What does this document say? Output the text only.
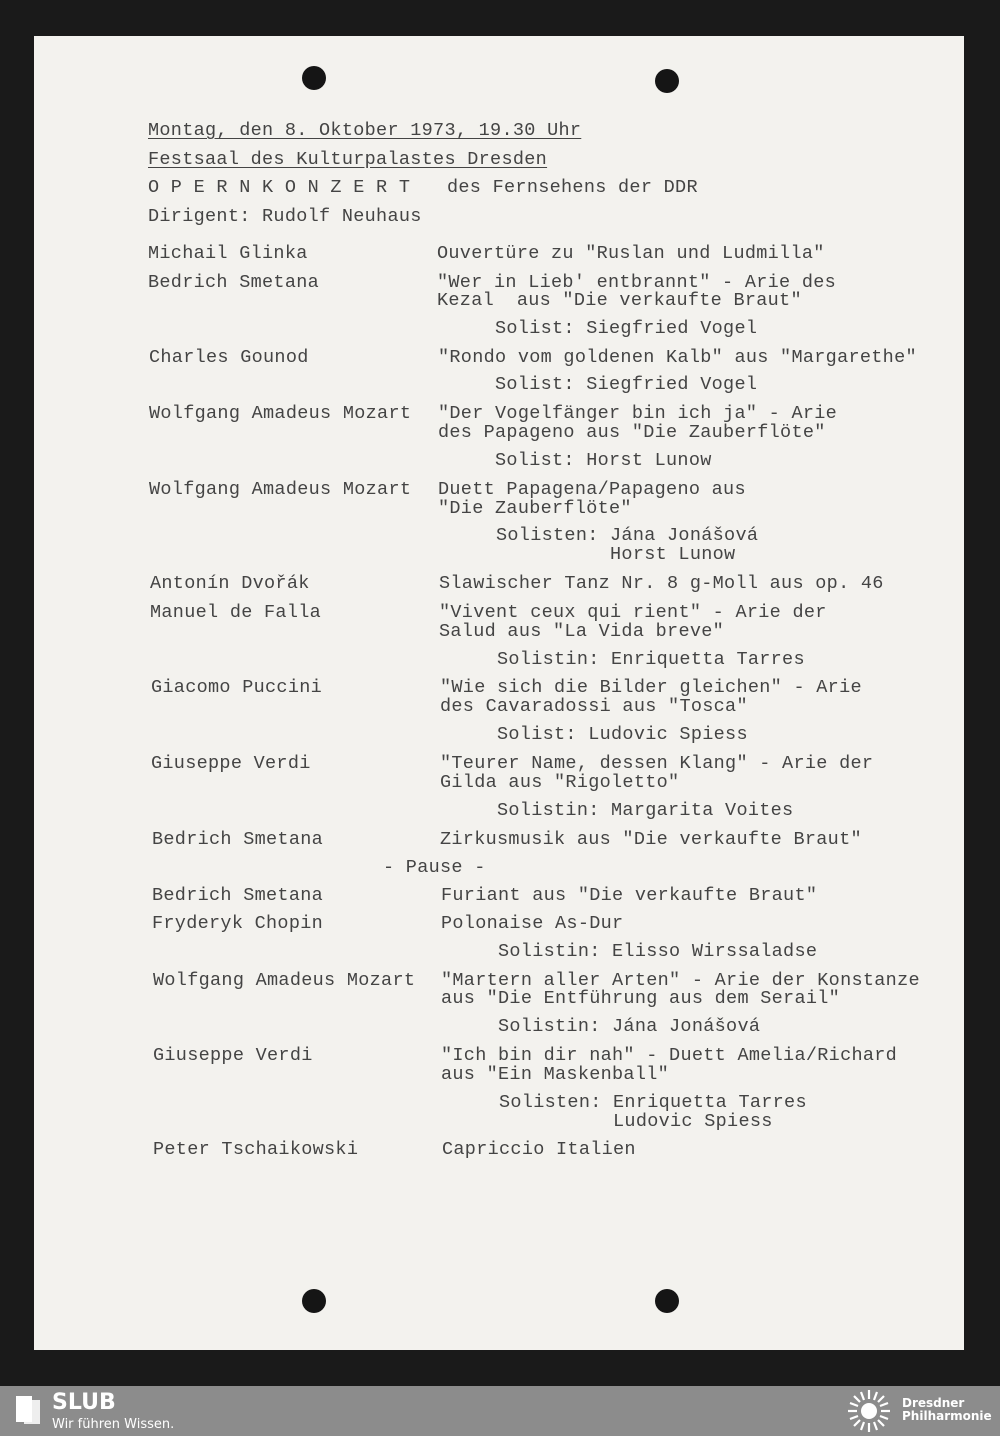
Montag, den 8. Oktober 1973, 19.30 Uhr
Festsaal des Kulturpalastes Dresden
O P E R N K O N Z E R T des Fernsehens der DDR
Dirigent: Rudolf Neuhaus
Michail Glinka	Ouvertüre zu "Ruslan und Ludmilla"
Bedrich Smetana	"Wer in Lieb' entbrannt" - Arie des
Kezal  aus "Die verkaufte Braut"
Solist: Siegfried Vogel
Charles Gounod	"Rondo vom goldenen Kalb" aus "Margarethe"
Solist: Siegfried Vogel
Wolfgang Amadeus Mozart "Der Vogelfänger bin ich ja" - Arie
des Papageno aus "Die Zauberflöte"
Solist: Horst Lunow
Wolfgang Amadeus Mozart Duett Papagena/Papageno aus
"Die Zauberflöte"
Solisten: Jána Jonášová
Horst Lunow
Antonín Dvořák	Slawischer Tanz Nr. 8 g-Moll aus op. 46
Manuel de Falla	"Vivent ceux qui rient" - Arie der
Salud aus "La Vida breve"
Solistin: Enriquetta Tarres
Giacomo Puccini	"Wie sich die Bilder gleichen" - Arie
des Cavaradossi aus "Tosca"
Solist: Ludovic Spiess
Giuseppe Verdi	"Teurer Name, dessen Klang" - Arie der
Gilda aus "Rigoletto"
Solistin: Margarita Voites
Bedrich Smetana	Zirkusmusik aus "Die verkaufte Braut"
- Pause -
Bedrich Smetana	Furiant aus "Die verkaufte Braut"
Fryderyk Chopin	Polonaise As-Dur
Solistin: Elisso Wirssaladse
Wolfgang Amadeus Mozart "Martern aller Arten" - Arie der Konstanze
aus "Die Entführung aus dem Serail"
Solistin: Jána Jonášová
Giuseppe Verdi	"Ich bin dir nah" - Duett Amelia/Richard
aus "Ein Maskenball"
Solisten: Enriquetta Tarres
Ludovic Spiess
Peter Tschaikowski	Capriccio Italien
SLUB
Wir führen Wissen.
Dresdner
Philharmonie
